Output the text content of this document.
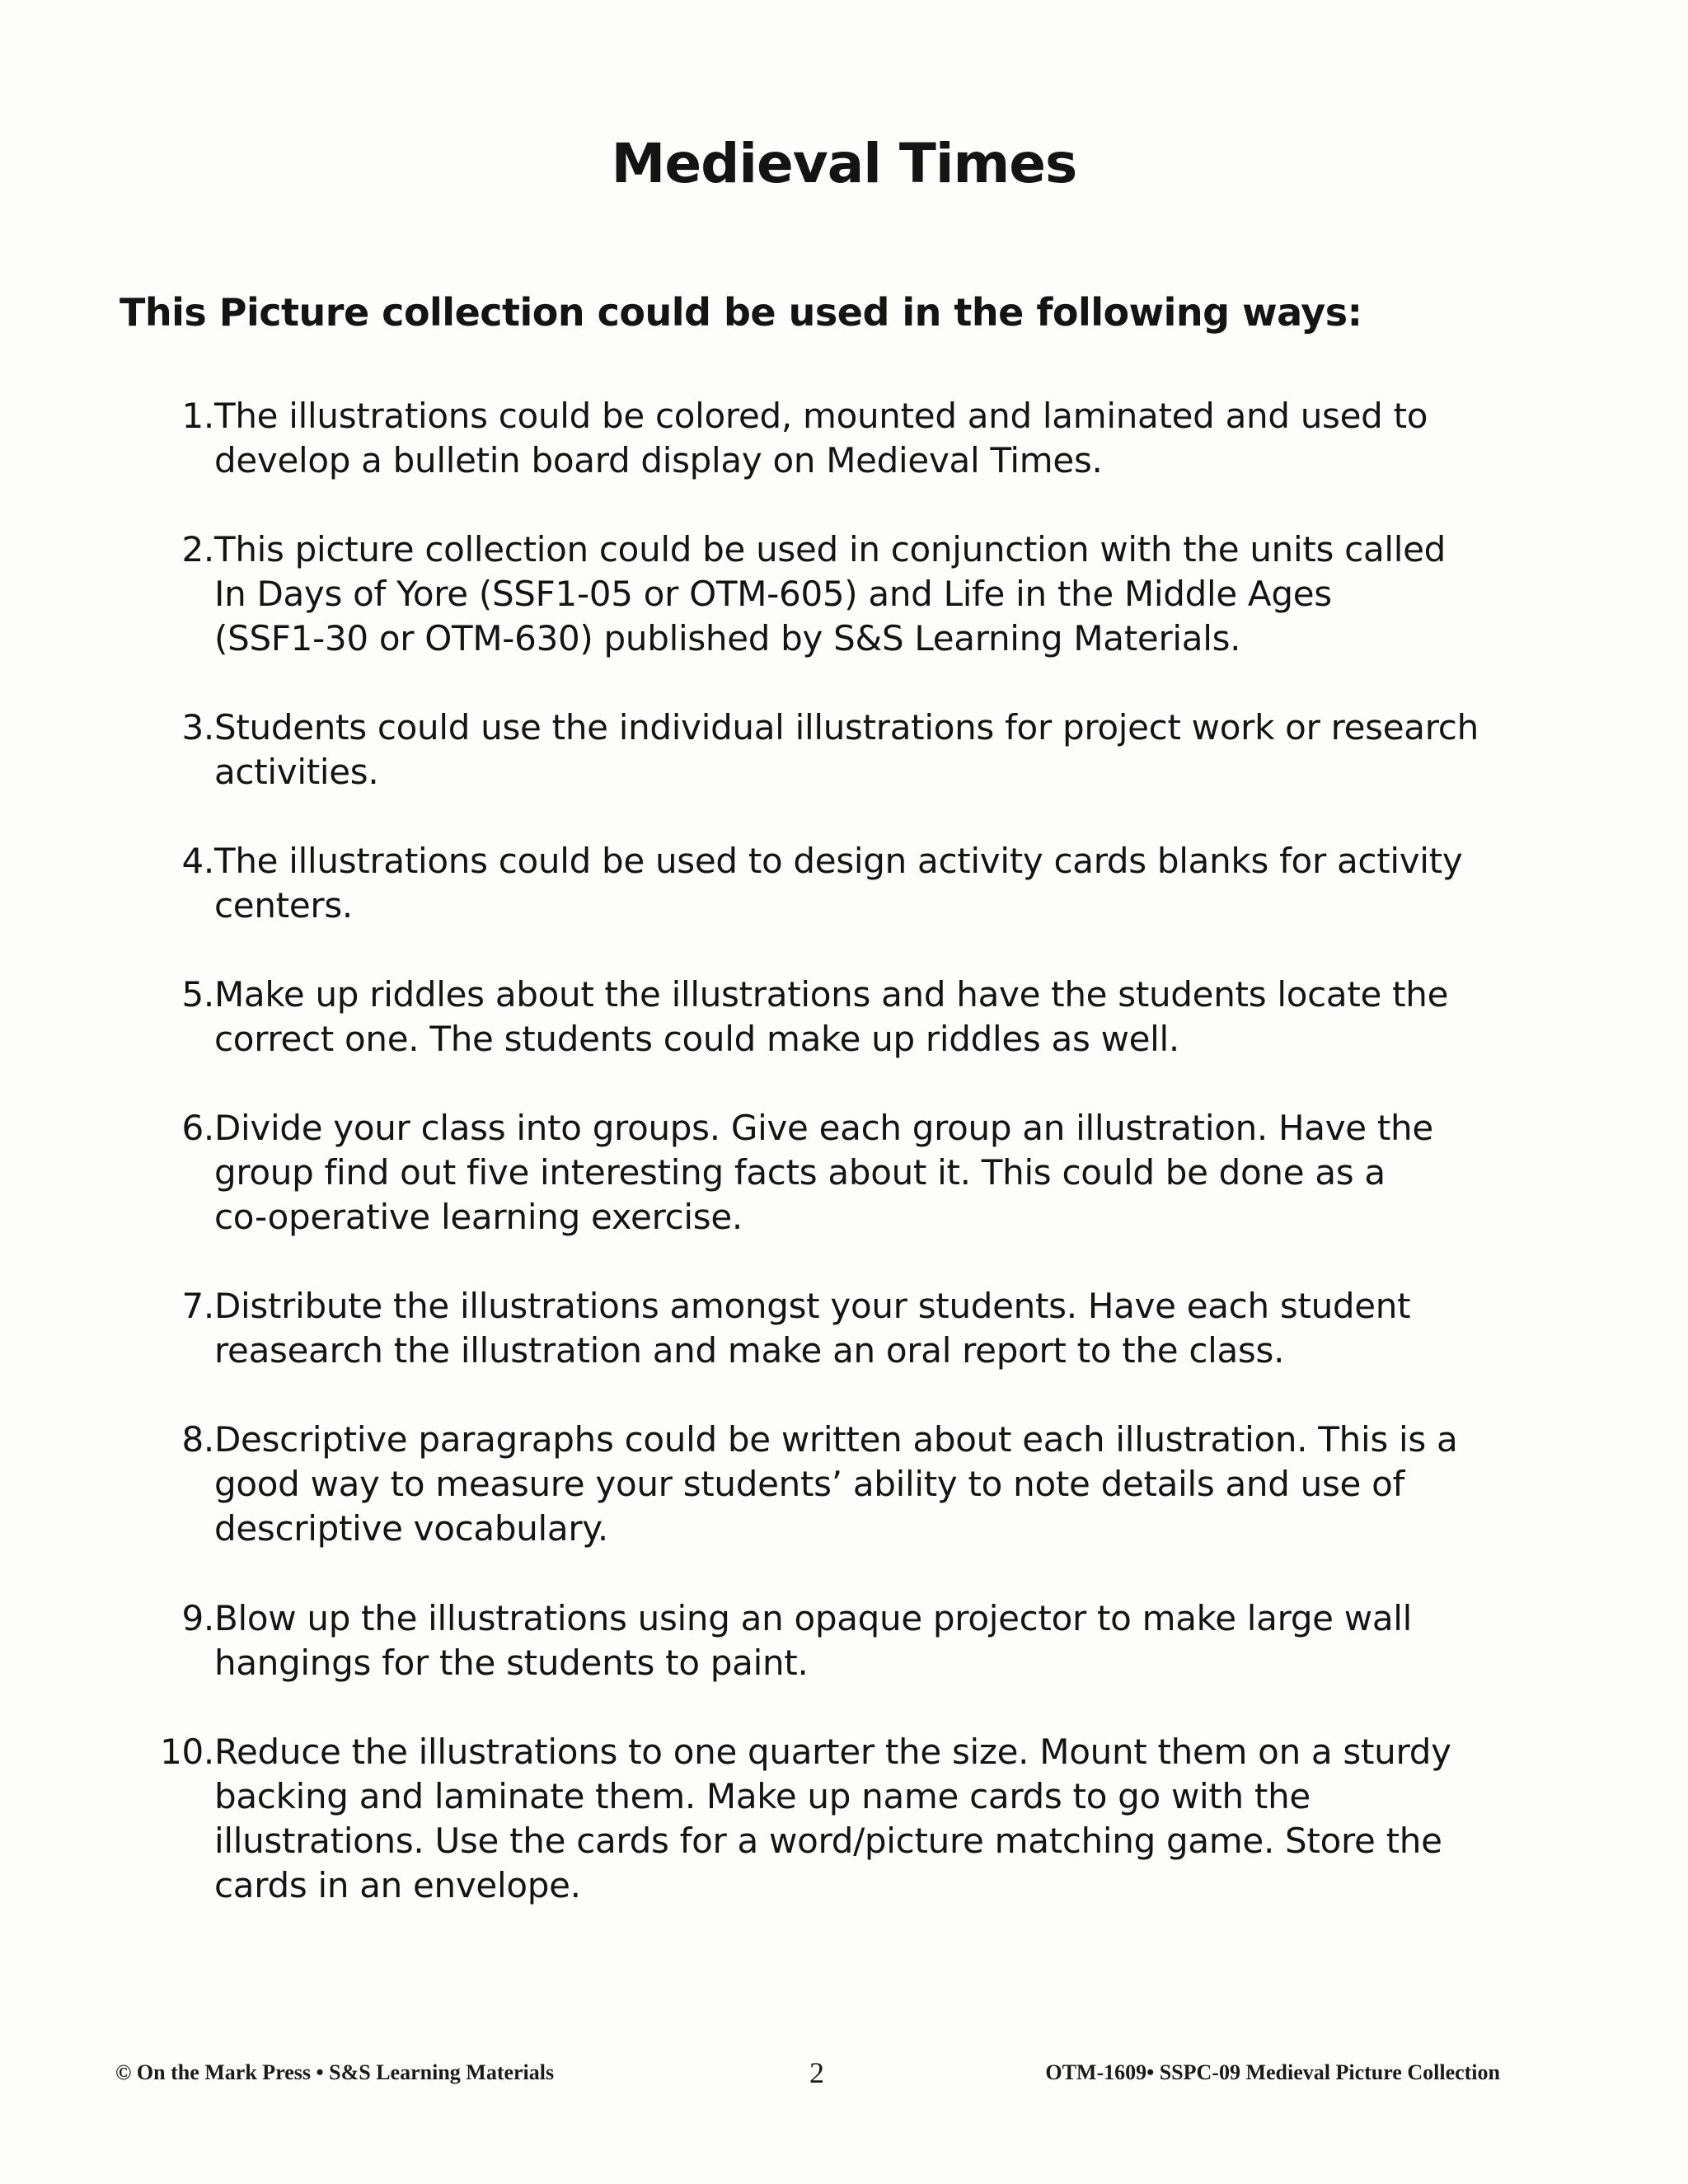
Medieval Times
This Picture collection could be used in the following ways:
1. The illustrations could be colored, mounted and laminated and used to
develop a bulletin board display on Medieval Times.
2. This picture collection could be used in conjunction with the units called
In Days of Yore (SSF1-05 or OTM-605) and Life in the Middle Ages
(SSF1-30 or OTM-630) published by S&S Learning Materials.
3. Students could use the individual illustrations for project work or research
activities.
4. The illustrations could be used to design activity cards blanks for activity
centers.
5. Make up riddles about the illustrations and have the students locate the
correct one. The students could make up riddles as well.
6. Divide your class into groups. Give each group an illustration. Have the
group find out five interesting facts about it. This could be done as a
co-operative learning exercise.
7. Distribute the illustrations amongst your students. Have each student
reasearch the illustration and make an oral report to the class.
8. Descriptive paragraphs could be written about each illustration. This is a
good way to measure your students’ ability to note details and use of
descriptive vocabulary.
9. Blow up the illustrations using an opaque projector to make large wall
hangings for the students to paint.
10. Reduce the illustrations to one quarter the size. Mount them on a sturdy
backing and laminate them. Make up name cards to go with the
illustrations. Use the cards for a word/picture matching game. Store the
cards in an envelope.
© On the Mark Press • S&S Learning Materials	2	OTM-1609• SSPC-09 Medieval Picture Collection
